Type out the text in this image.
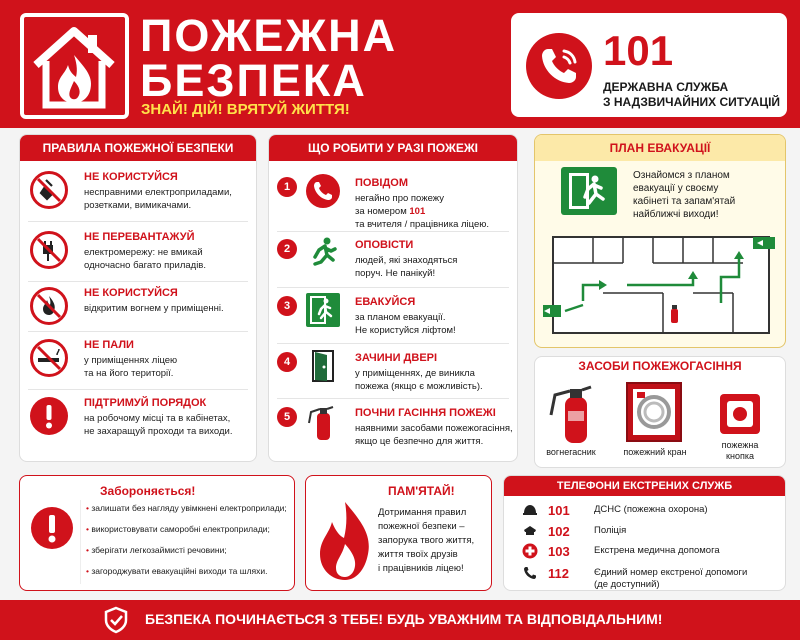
ПОЖЕЖНА
БЕЗПЕКА
ЗНАЙ! ДІЙ! ВРЯТУЙ ЖИТТЯ!
101
ДЕРЖАВНА СЛУЖБА
З НАДЗВИЧАЙНИХ СИТУАЦІЙ
ПРАВИЛА ПОЖЕЖНОЇ БЕЗПЕКИ
НЕ КОРИСТУЙСЯ
несправними електроприладами,
розетками, вимикачами.
НЕ ПЕРЕВАНТАЖУЙ
електромережу: не вмикай
одночасно багато приладів.
НЕ КОРИСТУЙСЯ
відкритим вогнем у приміщенні.
НЕ ПАЛИ
у приміщеннях ліцею
та на його території.
ПІДТРИМУЙ ПОРЯДОК
на робочому місці та в кабінетах,
не захаращуй проходи та виходи.
ЩО РОБИТИ У РАЗІ ПОЖЕЖІ
1	ПОВІДОМ
негайно про пожежу
за номером 101
та вчителя / працівника ліцею.
2	ОПОВІСТИ
людей, які знаходяться
поруч. Не панікуй!
3	ЕВАКУЙСЯ
за планом евакуації.
Не користуйся ліфтом!
4	ЗАЧИНИ ДВЕРІ
у приміщеннях, де виникла
пожежа (якщо є можливість).
5	ПОЧНИ ГАСІННЯ ПОЖЕЖІ
наявними засобами пожежогасіння,
якщо це безпечно для життя.
ПЛАН ЕВАКУАЦІЇ
Ознайомся з планом
евакуації у своєму
кабінеті та запам'ятай
найближчі виходи!
ЗАСОБИ ПОЖЕЖОГАСІННЯ
вогнегасник	пожежний кран
пожежна
кнопка
Забороняється!
• залишати без нагляду увімкнені електроприлади;
• використовувати саморобні електроприлади;
• зберігати легкозаймисті речовини;
• загороджувати евакуаційні виходи та шляхи.
ПАМ'ЯТАЙ!
Дотримання правил
пожежної безпеки –
запорука твого життя,
життя твоїх друзів
і працівників ліцею!
ТЕЛЕФОНИ ЕКСТРЕНИХ СЛУЖБ
101	ДСНС (пожежна охорона)
102	Поліція
103	Екстрена медична допомога
112	Єдиний номер екстреної допомоги
(де доступний)
БЕЗПЕКА ПОЧИНАЄТЬСЯ З ТЕБЕ! БУДЬ УВАЖНИМ ТА ВІДПОВІДАЛЬНИМ!
